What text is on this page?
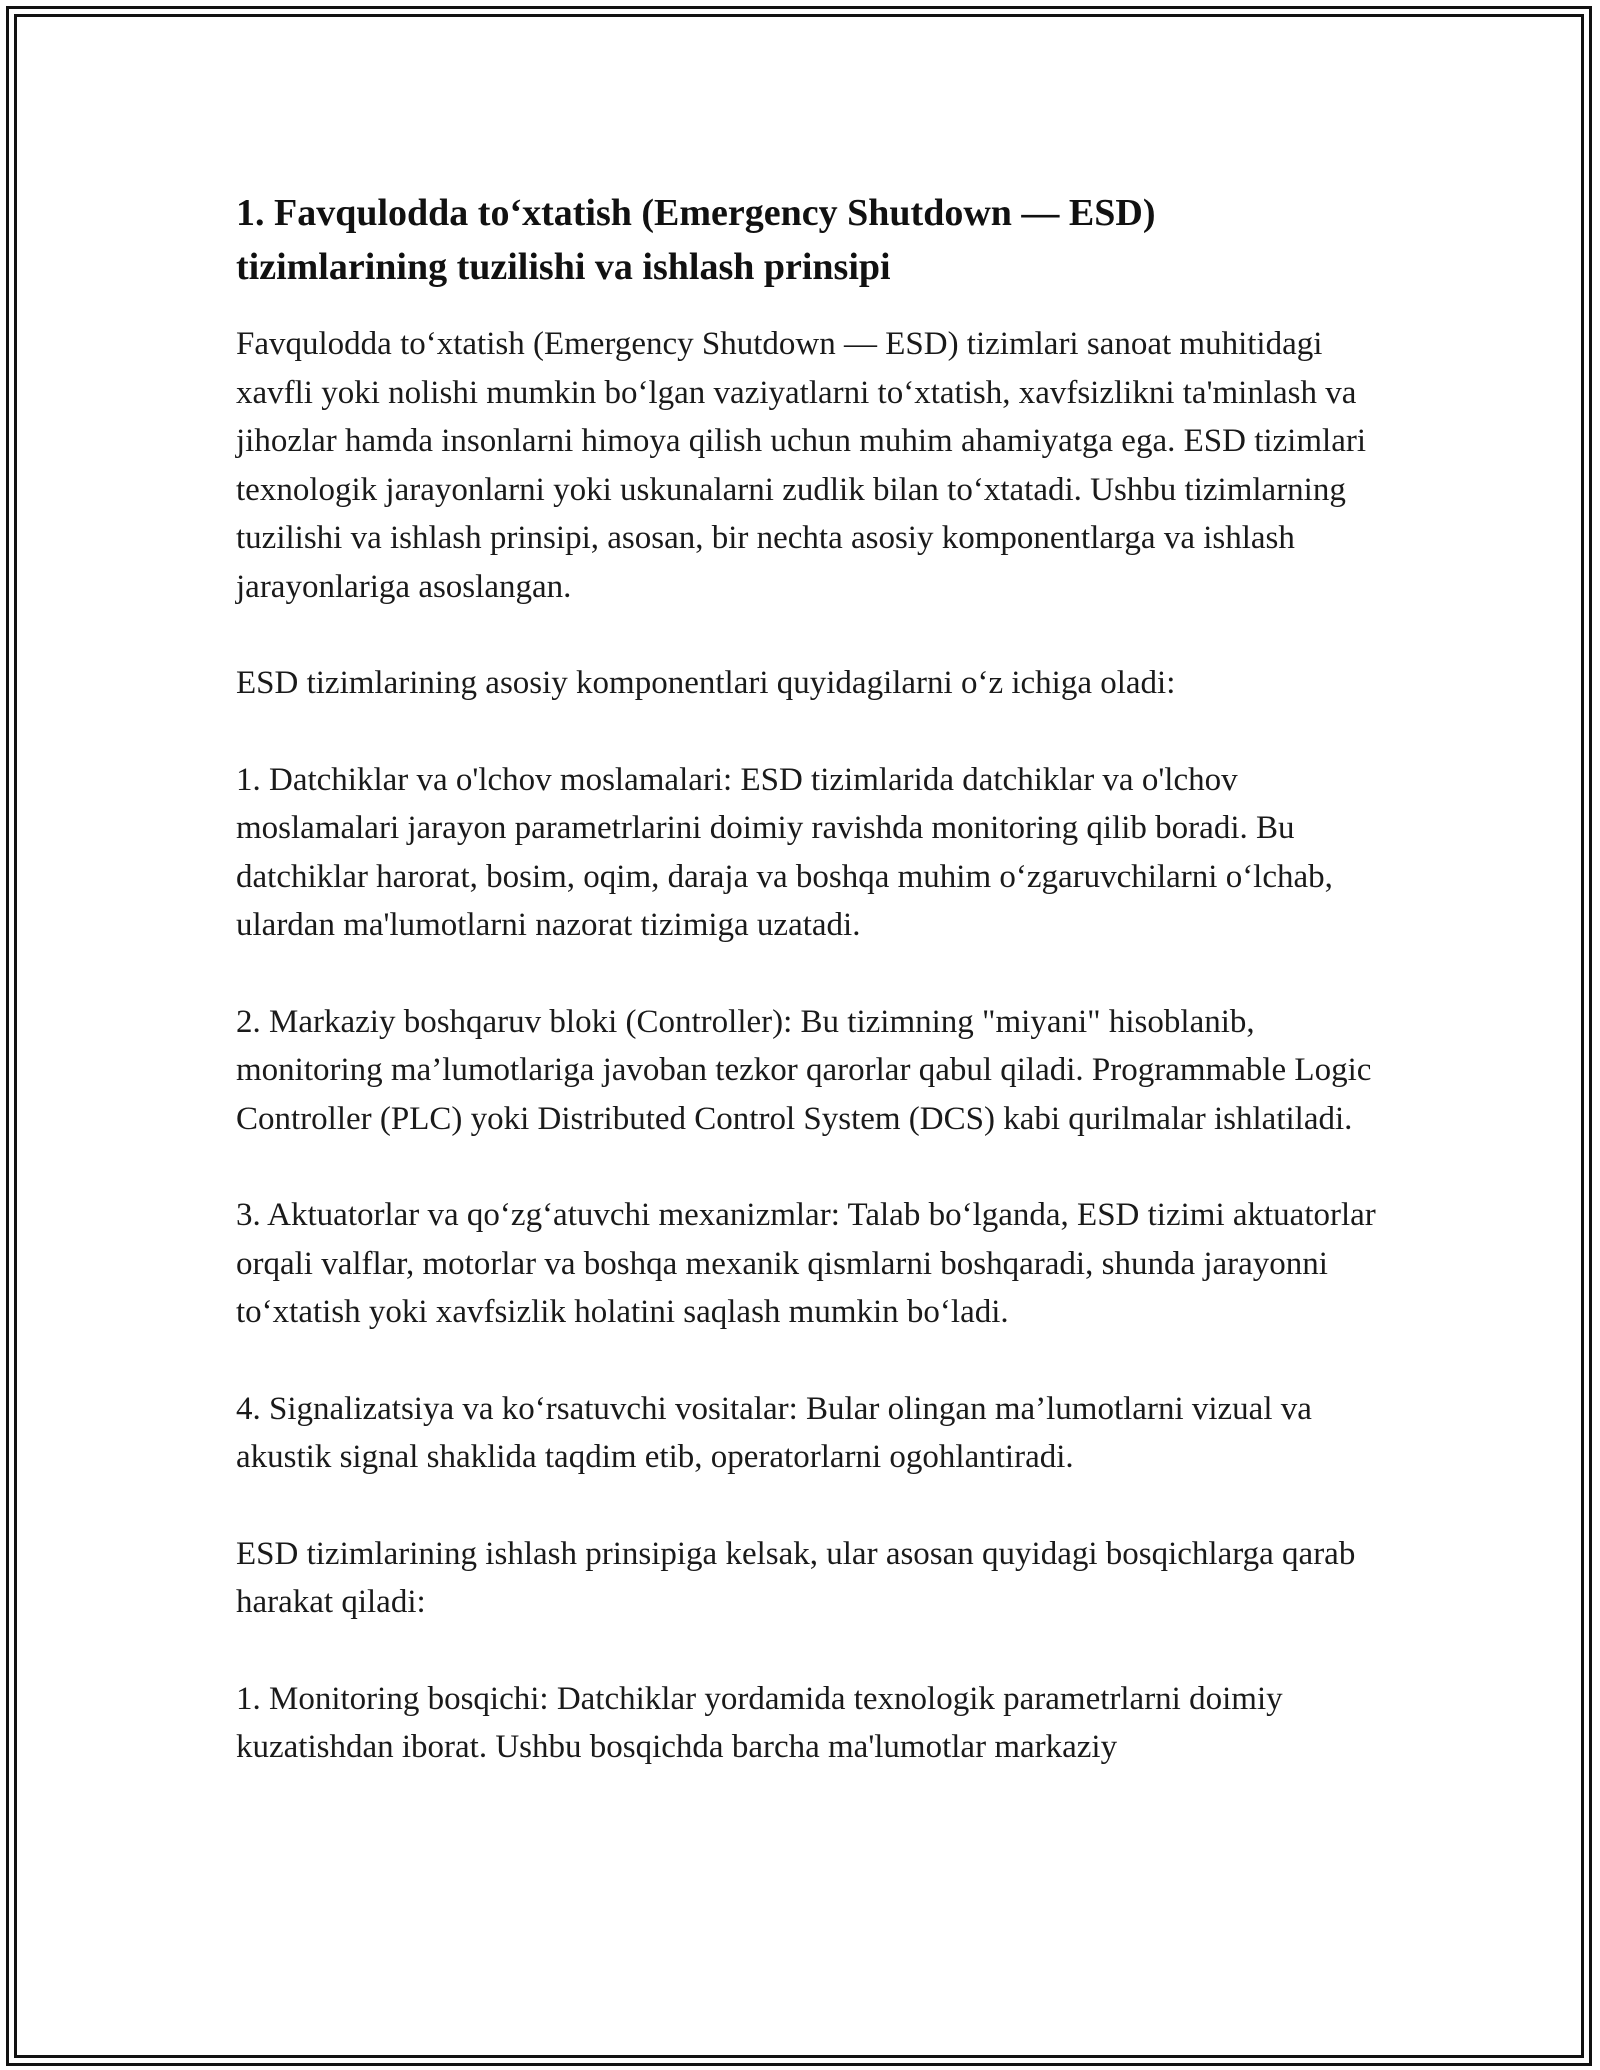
1. Favqulodda to‘xtatish (Emergency Shutdown — ESD)
tizimlarining tuzilishi va ishlash prinsipi

Favqulodda to‘xtatish (Emergency Shutdown — ESD) tizimlari sanoat muhitidagi xavfli yoki nolishi mumkin bo‘lgan vaziyatlarni to‘xtatish, xavfsizlikni ta'minlash va jihozlar hamda insonlarni himoya qilish uchun muhim ahamiyatga ega. ESD tizimlari texnologik jarayonlarni yoki uskunalarni zudlik bilan to‘xtatadi. Ushbu tizimlarning tuzilishi va ishlash prinsipi, asosan, bir nechta asosiy komponentlarga va ishlash jarayonlariga asoslangan.

ESD tizimlarining asosiy komponentlari quyidagilarni o‘z ichiga oladi:

1. Datchiklar va o'lchov moslamalari: ESD tizimlarida datchiklar va o'lchov moslamalari jarayon parametrlarini doimiy ravishda monitoring qilib boradi. Bu datchiklar harorat, bosim, oqim, daraja va boshqa muhim o‘zgaruvchilarni o‘lchab, ulardan ma'lumotlarni nazorat tizimiga uzatadi.

2. Markaziy boshqaruv bloki (Controller): Bu tizimning "miyani" hisoblanib, monitoring ma’lumotlariga javoban tezkor qarorlar qabul qiladi. Programmable Logic Controller (PLC) yoki Distributed Control System (DCS) kabi qurilmalar ishlatiladi.

3. Aktuatorlar va qo‘zg‘atuvchi mexanizmlar: Talab bo‘lganda, ESD tizimi aktuatorlar orqali valflar, motorlar va boshqa mexanik qismlarni boshqaradi, shunda jarayonni to‘xtatish yoki xavfsizlik holatini saqlash mumkin bo‘ladi.

4. Signalizatsiya va ko‘rsatuvchi vositalar: Bular olingan ma’lumotlarni vizual va akustik signal shaklida taqdim etib, operatorlarni ogohlantiradi.

ESD tizimlarining ishlash prinsipiga kelsak, ular asosan quyidagi bosqichlarga qarab harakat qiladi:

1. Monitoring bosqichi: Datchiklar yordamida texnologik parametrlarni doimiy kuzatishdan iborat. Ushbu bosqichda barcha ma'lumotlar markaziy
